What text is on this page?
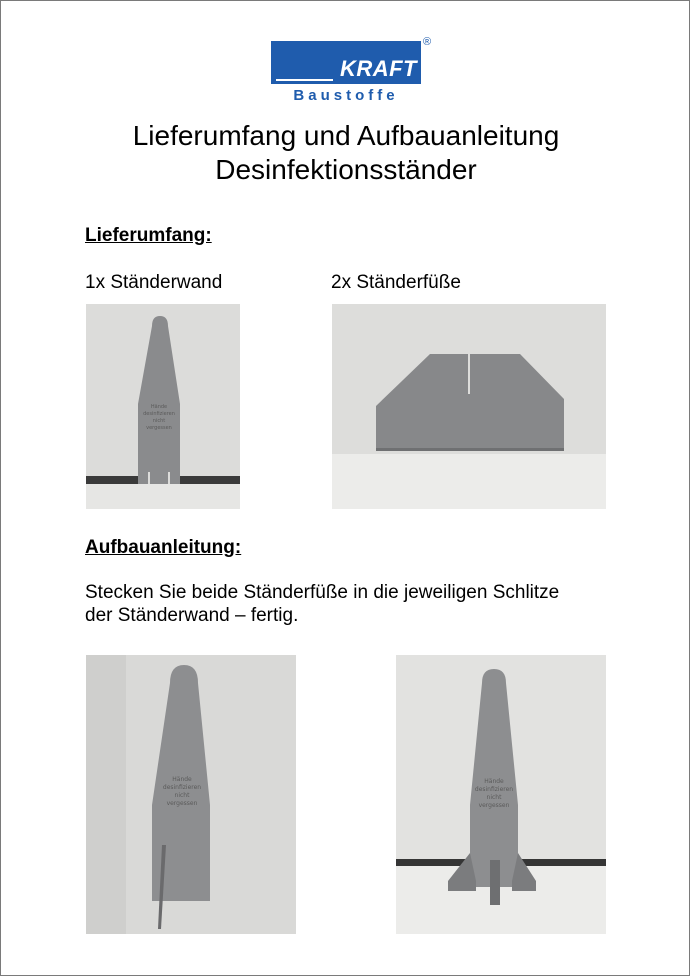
KRAFT
®
Baustoffe
Lieferumfang und Aufbauanleitung
Desinfektionsständer
Lieferumfang:
1x Ständerwand	2x Ständerfüße
Hände
desinfizieren
nicht
vergessen
Aufbauanleitung:
Stecken Sie beide Ständerfüße in die jeweiligen Schlitze
der Ständerwand – fertig.
Hände
desinfizieren
nicht
vergessen
Hände
desinfizieren
nicht
vergessen
